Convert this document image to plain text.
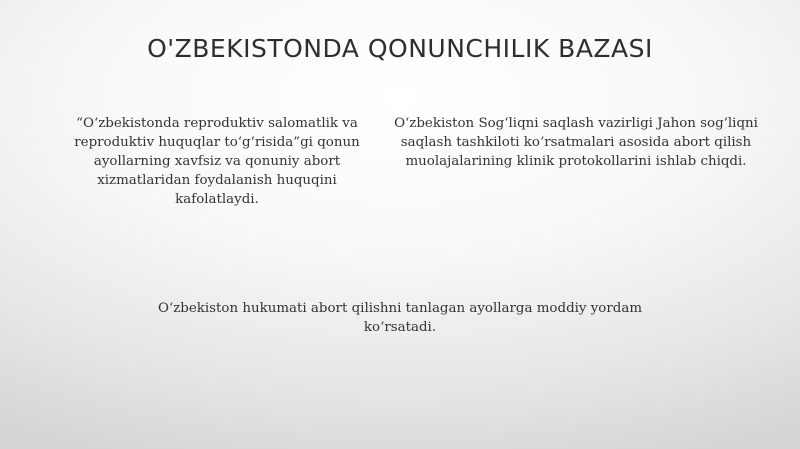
O'ZBEKISTONDA QONUNCHILIK BAZASI

“O‘zbekistonda reproduktiv salomatlik va reproduktiv huquqlar to‘g‘risida”gi qonun ayollarning xavfsiz va qonuniy abort xizmatlaridan foydalanish huquqini kafolatlaydi.

O‘zbekiston Sog‘liqni saqlash vazirligi Jahon sog‘liqni saqlash tashkiloti ko‘rsatmalari asosida abort qilish muolajalarining klinik protokollarini ishlab chiqdi.

O‘zbekiston hukumati abort qilishni tanlagan ayollarga moddiy yordam ko‘rsatadi.
